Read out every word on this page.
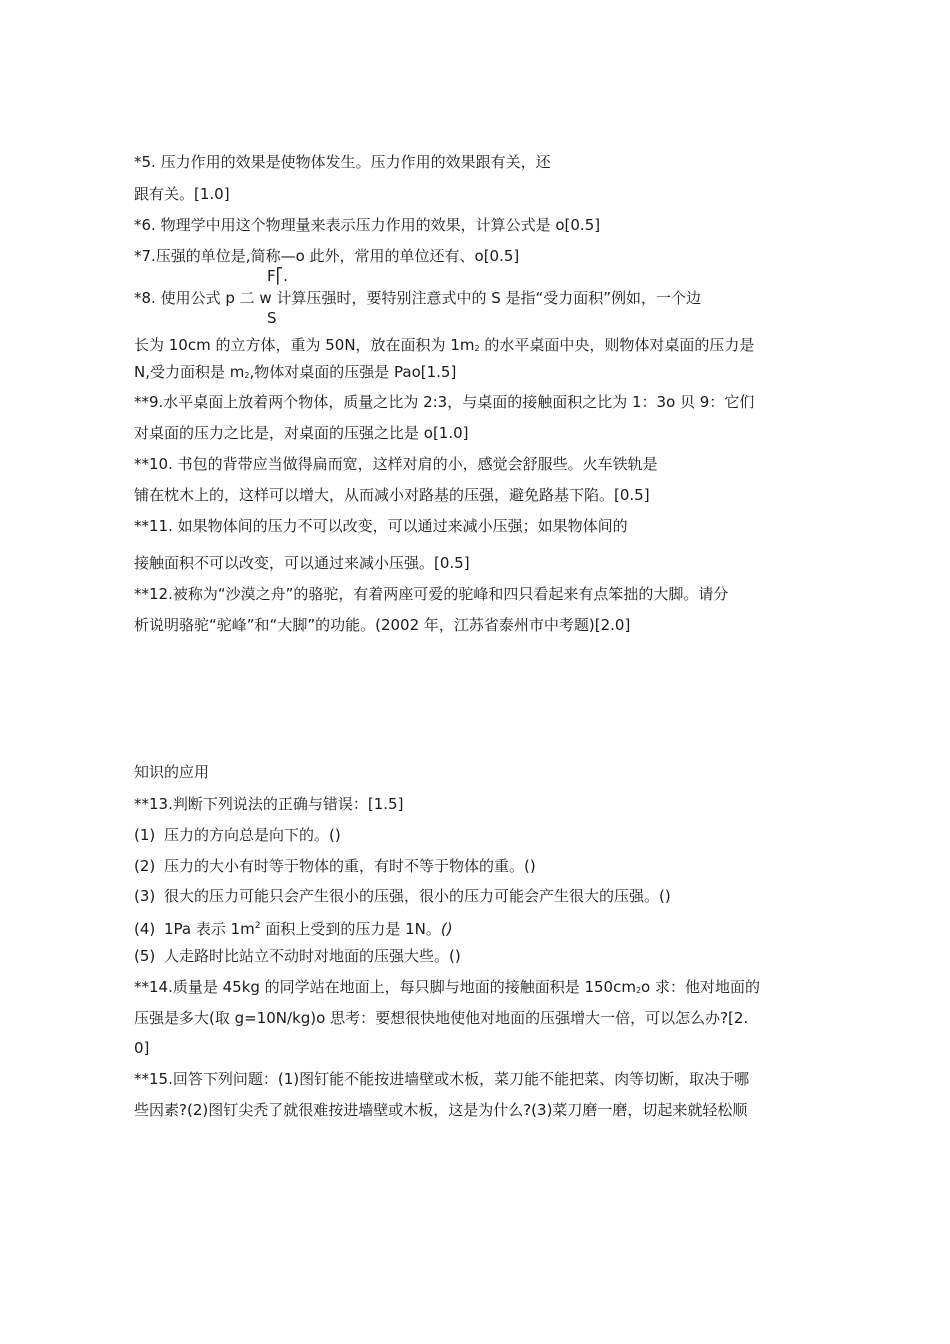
*5. 压力作用的效果是使物体发生。压力作用的效果跟有关，还
跟有关。[1.0]
*6. 物理学中用这个物理量来表示压力作用的效果，计算公式是 o[0.5]
*7.压强的单位是,简称—o 此外，常用的单位还有、o[0.5]
F⎡.
*8. 使用公式 p 二 w 计算压强时，要特别注意式中的 S 是指“受力面积”例如，一个边
S
长为 10cm 的立方体，重为 50N，放在面积为 $1m_2$ 的水平桌面中央，则物体对桌面的压力是
N,受力面积是 $m_2$,物体对桌面的压强是 Pao[1.5]
**9.水平桌面上放着两个物体，质量之比为 2:3，与桌面的接触面积之比为 1：3o 贝 9：它们
对桌面的压力之比是，对桌面的压强之比是 o[1.0]
**10. 书包的背带应当做得扁而宽，这样对肩的小，感觉会舒服些。火车铁轨是
铺在枕木上的，这样可以增大，从而减小对路基的压强，避免路基下陷。[0.5]
**11. 如果物体间的压力不可以改变，可以通过来减小压强；如果物体间的
接触面积不可以改变，可以通过来减小压强。[0.5]
**12.被称为“沙漠之舟”的骆驼，有着两座可爱的驼峰和四只看起来有点笨拙的大脚。请分
析说明骆驼“驼峰”和“大脚”的功能。(2002 年，江苏省泰州市中考题)[2.0]
知识的应用
**13.判断下列说法的正确与错误：[1.5]
(1) 压力的方向总是向下的。()
(2) 压力的大小有时等于物体的重，有时不等于物体的重。()
(3) 很大的压力可能只会产生很小的压强，很小的压力可能会产生很大的压强。()
(4) 1Pa 表示 $1m^2$ 面积上受到的压力是 1N。()
(5) 人走路时比站立不动时对地面的压强大些。()
**14.质量是 45kg 的同学站在地面上，每只脚与地面的接触面积是 $150cm_2o$ 求：他对地面的
压强是多大(取 g=10N/kg)o 思考：要想很快地使他对地面的压强增大一倍，可以怎么办?[2.
0]
**15.回答下列问题：(1)图钉能不能按进墙壁或木板，菜刀能不能把菜、肉等切断，取决于哪
些因素?(2)图钉尖秃了就很难按进墙壁或木板，这是为什么?(3)菜刀磨一磨，切起来就轻松顺
